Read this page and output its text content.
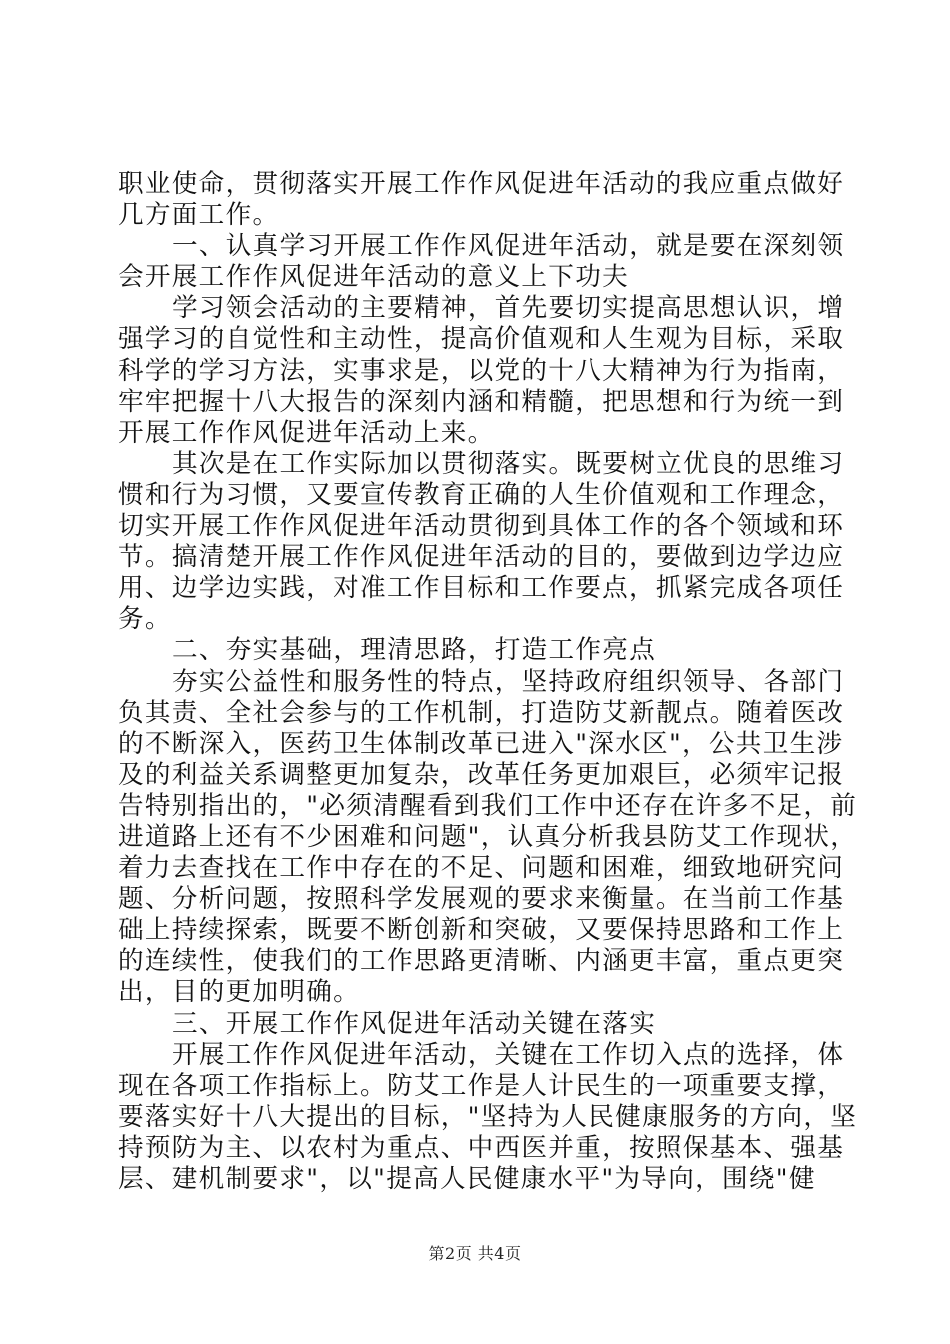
职业使命，贯彻落实开展工作作风促进年活动的我应重点做好
几方面工作。
一、认真学习开展工作作风促进年活动，就是要在深刻领
会开展工作作风促进年活动的意义上下功夫
学习领会活动的主要精神，首先要切实提高思想认识，增
强学习的自觉性和主动性，提高价值观和人生观为目标，采取
科学的学习方法，实事求是，以党的十八大精神为行为指南，
牢牢把握十八大报告的深刻内涵和精髓，把思想和行为统一到
开展工作作风促进年活动上来。
其次是在工作实际加以贯彻落实。既要树立优良的思维习
惯和行为习惯，又要宣传教育正确的人生价值观和工作理念，
切实开展工作作风促进年活动贯彻到具体工作的各个领域和环
节。搞清楚开展工作作风促进年活动的目的，要做到边学边应
用、边学边实践，对准工作目标和工作要点，抓紧完成各项任
务。
二、夯实基础，理清思路，打造工作亮点
夯实公益性和服务性的特点，坚持政府组织领导、各部门
负其责、全社会参与的工作机制，打造防艾新靓点。随着医改
的不断深入，医药卫生体制改革已进入"深水区"，公共卫生涉
及的利益关系调整更加复杂，改革任务更加艰巨，必须牢记报
告特别指出的，"必须清醒看到我们工作中还存在许多不足，前
进道路上还有不少困难和问题"，认真分析我县防艾工作现状，
着力去查找在工作中存在的不足、问题和困难，细致地研究问
题、分析问题，按照科学发展观的要求来衡量。在当前工作基
础上持续探索，既要不断创新和突破，又要保持思路和工作上
的连续性，使我们的工作思路更清晰、内涵更丰富，重点更突
出，目的更加明确。
三、开展工作作风促进年活动关键在落实
开展工作作风促进年活动，关键在工作切入点的选择，体
现在各项工作指标上。防艾工作是人计民生的一项重要支撑，
要落实好十八大提出的目标，"坚持为人民健康服务的方向，坚
持预防为主、以农村为重点、中西医并重，按照保基本、强基
层、建机制要求"，以"提高人民健康水平"为导向，围绕"健
第2页 共4页
